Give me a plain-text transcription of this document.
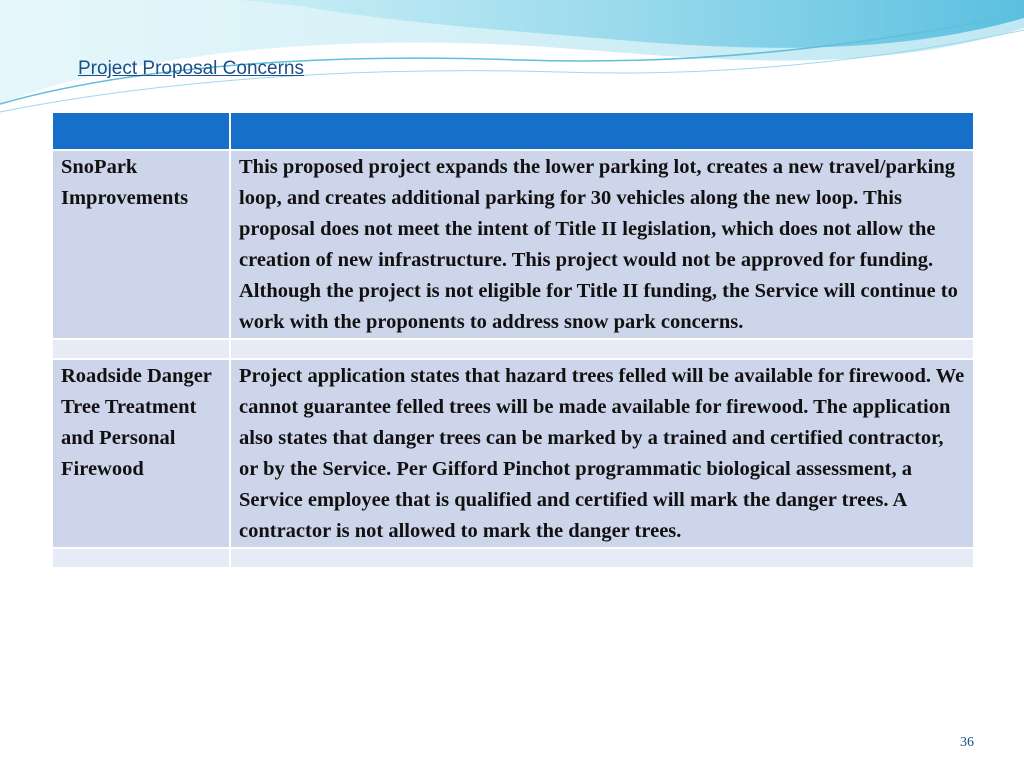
Project Proposal Concerns

SnoPark Improvements	This proposed project expands the lower parking lot, creates a new travel/parking loop, and creates additional parking for 30 vehicles along the new loop. This proposal does not meet the intent of Title II legislation, which does not allow the creation of new infrastructure. This project would not be approved for funding. Although the project is not eligible for Title II funding, the Service will continue to work with the proponents to address snow park concerns.

Roadside Danger Tree Treatment and Personal Firewood	Project application states that hazard trees felled will be available for firewood. We cannot guarantee felled trees will be made available for firewood. The application also states that danger trees can be marked by a trained and certified contractor, or by the Service. Per Gifford Pinchot programmatic biological assessment, a Service employee that is qualified and certified will mark the danger trees. A contractor is not allowed to mark the danger trees.

36
